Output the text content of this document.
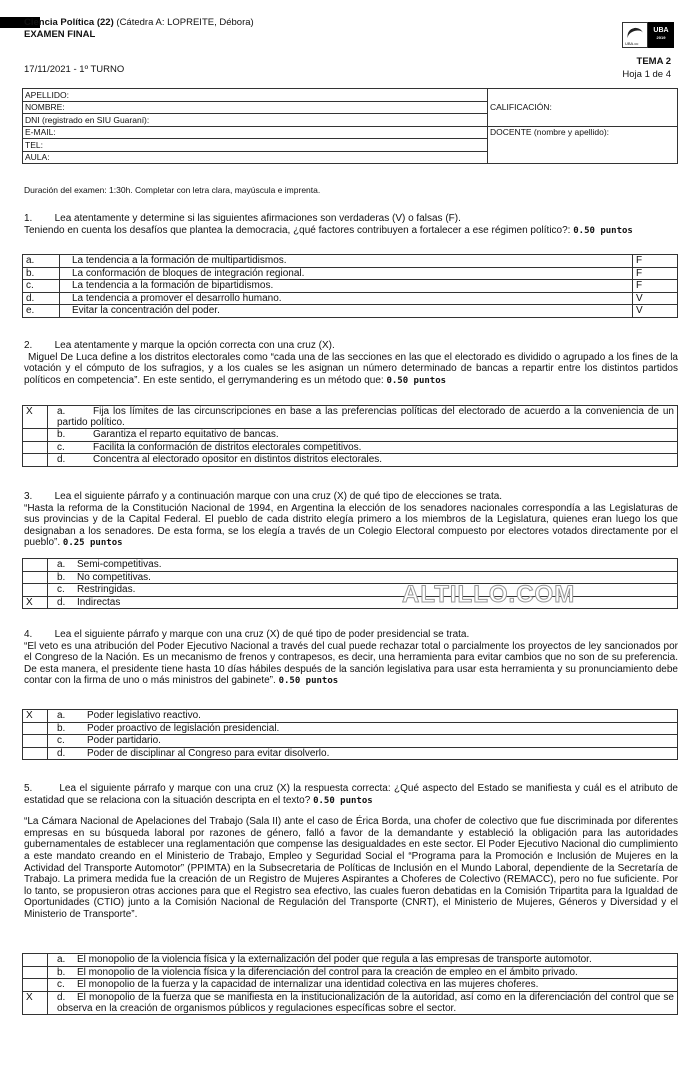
Ciencia Política (22) (Cátedra A: LOPREITE, Débora)
EXAMEN FINAL
UBA.cc
UBA
2019
17/11/2021 - 1º TURNO
TEMA 2
Hoja 1 de 4
APELLIDO:	CALIFICACIÓN:
NOMBRE:	
DNI (registrado en SIU Guaraní):	
E-MAIL:	DOCENTE (nombre y apellido):
TEL:	
AULA:	
Duración del examen: 1:30h. Completar con letra clara, mayúscula e imprenta.
1. Lea atentamente y determine si las siguientes afirmaciones son verdaderas (V) o falsas (F).
Teniendo en cuenta los desafíos que plantea la democracia, ¿qué factores contribuyen a fortalecer a ese régimen político?: 0.50 puntos
a.	La tendencia a la formación de multipartidismos.	F
b.	La conformación de bloques de integración regional.	F
c.	La tendencia a la formación de bipartidismos.	F
d.	La tendencia a promover el desarrollo humano.	V
e.	Evitar la concentración del poder.	V
2. Lea atentamente y marque la opción correcta con una cruz (X).
Miguel De Luca define a los distritos electorales como “cada una de las secciones en las que el electorado es dividido o agrupado a los fines de la votación y el cómputo de los sufragios, y a los cuales se les asignan un número determinado de bancas a repartir entre los distintos partidos políticos en competencia”. En este sentido, el gerrymandering es un método que: 0.50 puntos
X	a. Fija los límites de las circunscripciones en base a las preferencias políticas del electorado de acuerdo a la conveniencia de un partido político.
	b. Garantiza el reparto equitativo de bancas.
	c. Facilita la conformación de distritos electorales competitivos.
	d. Concentra al electorado opositor en distintos distritos electorales.
3. Lea el siguiente párrafo y a continuación marque con una cruz (X) de qué tipo de elecciones se trata.
“Hasta la reforma de la Constitución Nacional de 1994, en Argentina la elección de los senadores nacionales correspondía a las Legislaturas de sus provincias y de la Capital Federal. El pueblo de cada distrito elegía primero a los miembros de la Legislatura, quienes eran luego los que designaban a los senadores. De esta forma, se los elegía a través de un Colegio Electoral compuesto por electores votados directamente por el pueblo”. 0.25 puntos
	a. Semi-competitivas.
	b. No competitivas.
	c. Restringidas.
X	d. Indirectas	ALTILLO.COM
4. Lea el siguiente párrafo y marque con una cruz (X) de qué tipo de poder presidencial se trata.
“El veto es una atribución del Poder Ejecutivo Nacional a través del cual puede rechazar total o parcialmente los proyectos de ley sancionados por el Congreso de la Nación. Es un mecanismo de frenos y contrapesos, es decir, una herramienta para evitar cambios que no son de su preferencia. De esta manera, el presidente tiene hasta 10 días hábiles después de la sanción legislativa para usar esta herramienta y su pronunciamiento debe contar con la firma de uno o más ministros del gabinete”. 0.50 puntos
X	a. Poder legislativo reactivo.
	b. Poder proactivo de legislación presidencial.
	c. Poder partidario.
	d. Poder de disciplinar al Congreso para evitar disolverlo.
5.	Lea el siguiente párrafo y marque con una cruz (X) la respuesta correcta: ¿Qué aspecto del Estado se manifiesta y cuál es el atributo de estatidad que se relaciona con la situación descripta en el texto? 0.50 puntos
“La Cámara Nacional de Apelaciones del Trabajo (Sala II) ante el caso de Érica Borda, una chofer de colectivo que fue discriminada por diferentes empresas en su búsqueda laboral por razones de género, falló a favor de la demandante y estableció la obligación para las autoridades gubernamentales de establecer una reglamentación que compense las desigualdades en este sector. El Poder Ejecutivo Nacional dio cumplimiento a este mandato creando en el Ministerio de Trabajo, Empleo y Seguridad Social el “Programa para la Promoción e Inclusión de Mujeres en la Actividad del Transporte Automotor” (PPIMTA) en la Subsecretaria de Políticas de Inclusión en el Mundo Laboral, dependiente de la Secretaría de Trabajo. La primera medida fue la creación de un Registro de Mujeres Aspirantes a Choferes de Colectivo (REMACC), pero no fue suficiente. Por lo tanto, se propusieron otras acciones para que el Registro sea efectivo, las cuales fueron debatidas en la Comisión Tripartita para la Igualdad de Oportunidades (CTIO) junto a la Comisión Nacional de Regulación del Transporte (CNRT), el Ministerio de Mujeres, Géneros y Diversidad y el Ministerio de Transporte”.
	a. El monopolio de la violencia física y la externalización del poder que regula a las empresas de transporte automotor.
	b. El monopolio de la violencia física y la diferenciación del control para la creación de empleo en el ámbito privado.
	c. El monopolio de la fuerza y la capacidad de internalizar una identidad colectiva en las mujeres choferes.
X	d. El monopolio de la fuerza que se manifiesta en la institucionalización de la autoridad, así como en la diferenciación del control que se observa en la creación de organismos públicos y regulaciones específicas sobre el sector.
